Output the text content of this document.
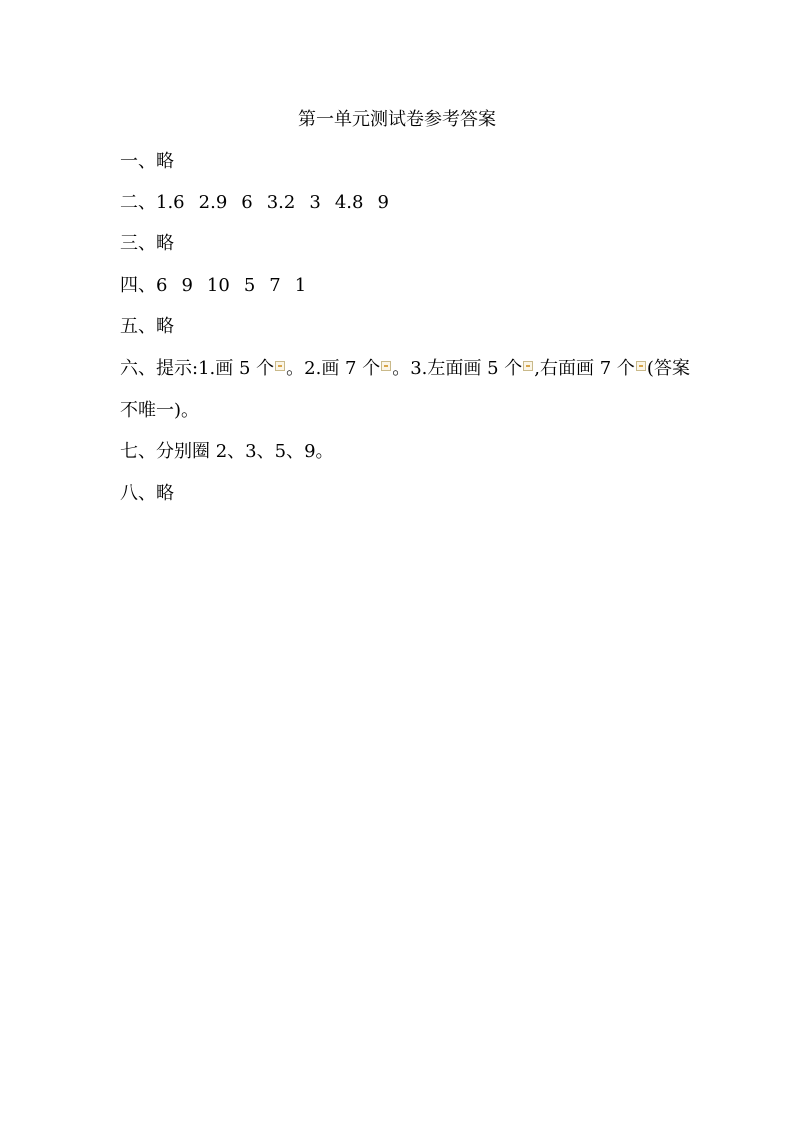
第一单元测试卷参考答案
一、略
二、1.6 2.9 6 3.2 3 4.8 9
三、略
四、6 9 10 5 7 1
五、略
六、提示:1.画 5 个 。2.画 7 个 。3.左面画 5 个 ,右面画 7 个 (答案
不唯一)。
七、分别圈 2、3、5、9。
八、略
